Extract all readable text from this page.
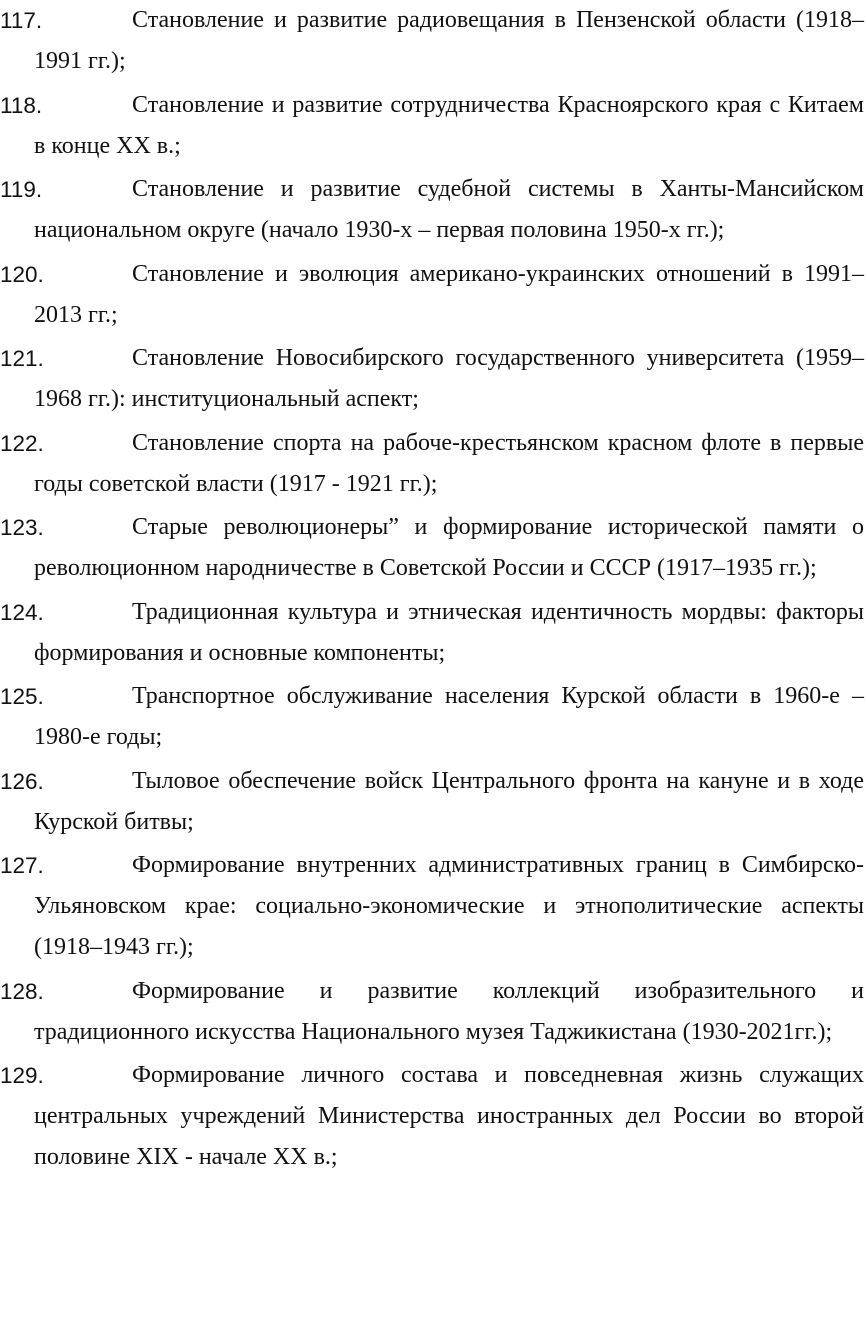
117.	Становление и развитие радиовещания в Пензенской области (1918–1991 гг.);
118.	Становление и развитие сотрудничества Красноярского края с Китаем в конце XX в.;
119.	Становление и развитие судебной системы в Ханты-Мансийском национальном округе (начало 1930-х – первая половина 1950-х гг.);
120.	Становление и эволюция американо-украинских отношений в 1991–2013 гг.;
121.	Становление Новосибирского государственного университета (1959–1968 гг.): институциональный аспект;
122.	Становление спорта на рабоче-крестьянском красном флоте в первые годы советской власти (1917 - 1921 гг.);
123.	Старые революционеры” и формирование исторической памяти о революционном народничестве в Советской России и СССР (1917–1935 гг.);
124.	Традиционная культура и этническая идентичность мордвы: факторы формирования и основные компоненты;
125.	Транспортное обслуживание населения Курской области в 1960-е – 1980-е годы;
126.	Тыловое обеспечение войск Центрального фронта на кануне и в ходе Курской битвы;
127.	Формирование внутренних административных границ в Симбирско-Ульяновском крае: социально-экономические и этнополитические аспекты (1918–1943 гг.);
128.	Формирование и развитие коллекций изобразительного и традиционного искусства Национального музея Таджикистана (1930-2021гг.);
129.	Формирование личного состава и повседневная жизнь служащих центральных учреждений Министерства иностранных дел России во второй половине XIX - начале XX в.;
